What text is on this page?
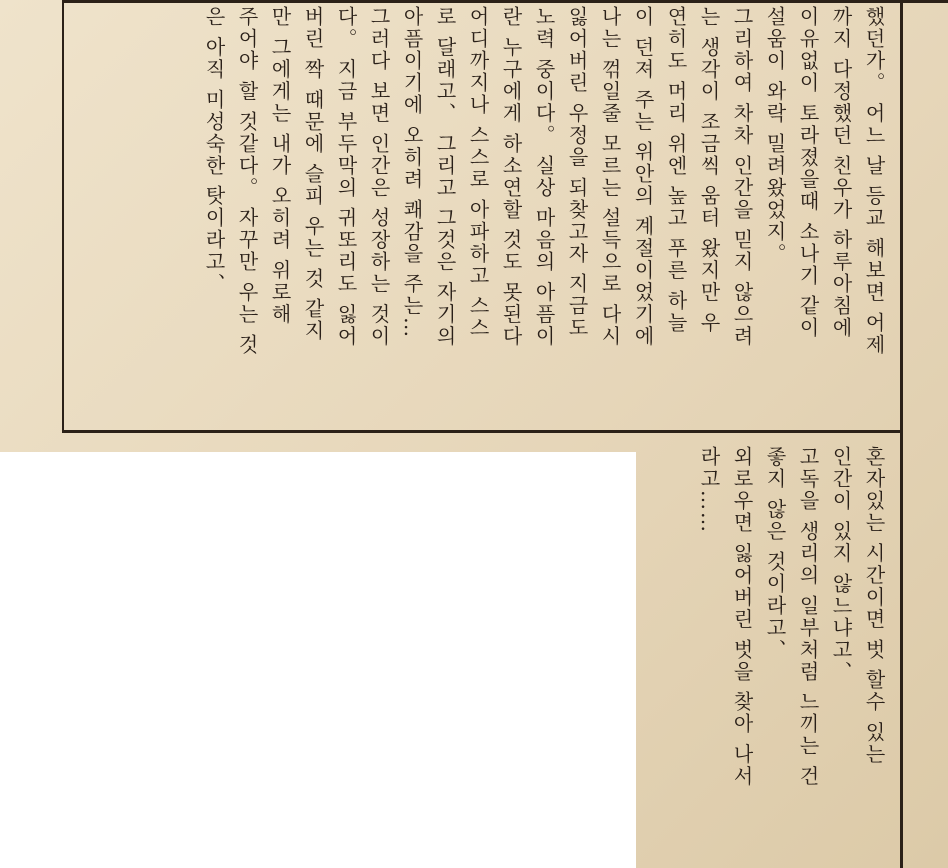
했던가。 어느 날 등교 해보면 어제
까지 다정했던 친우가 하루아침에
이유없이 토라졌을때 소나기 같이
설움이 와락 밀려왔었지。
그리하여 차차 인간을 믿지 않으려
는 생각이 조금씩 움터 왔지만 우
연히도 머리 위엔 높고 푸른 하늘
이 던져 주는 위안의 계절이었기에
나는 꺾일줄 모르는 설득으로 다시
잃어버린 우정을 되찾고자 지금도
노력 중이다。 실상 마음의 아픔이
란 누구에게 하소연할 것도 못된다
어디까지나 스스로 아파하고 스스
로 달래고、 그리고 그것은 자기의
아픔이기에 오히려 쾌감을 주는…
그러다 보면 인간은 성장하는 것이
다。 지금 부두막의 귀또리도 잃어
버린 짝 때문에 슬피 우는 것 같지
만 그에게는 내가 오히려 위로해
주어야 할 것같다。 자꾸만 우는 것
은 아직 미성숙한 탓이라고、
혼자있는 시간이면 벗 할수 있는
인간이 있지 않느냐고、
고독을 생리의 일부처럼 느끼는 건
좋지 않은 것이라고、
외로우면 잃어버린 벗을 찾아 나서
라고……
